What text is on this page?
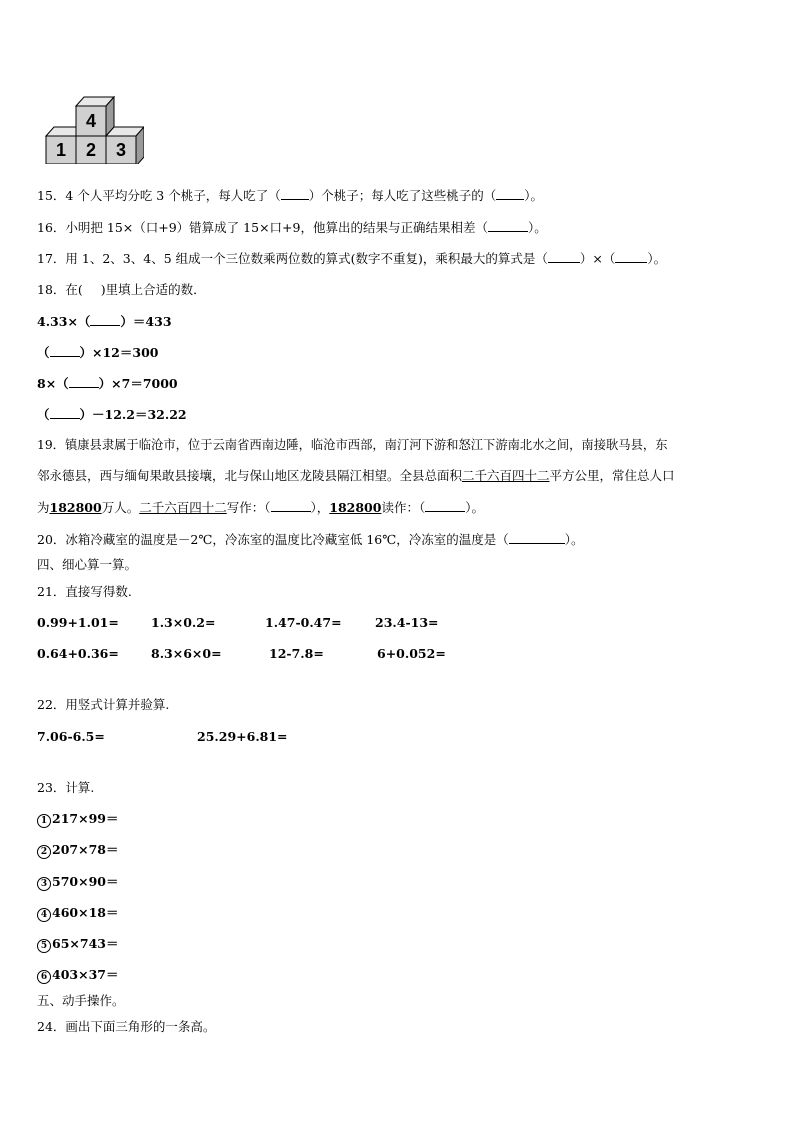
4
1 2 3
15．4 个人平均分吃 3 个桃子，每人吃了（ ）个桃子；每人吃了这些桃子的（ ）。
16．小明把 15×（口+9）错算成了 15×口+9，他算出的结果与正确结果相差（	）。
17．用 1、2、3、4、5 组成一个三位数乘两位数的算式(数字不重复)，乘积最大的算式是（	）×（	）。
18．在( )里填上合适的数．
4.33×（ ）＝433
（ ）×12＝300
8×（ ）×7＝7000
（ ）－12.2＝32.22
19．镇康县隶属于临沧市，位于云南省西南边陲，临沧市西部，南汀河下游和怒江下游南北水之间，南接耿马县，东
邻永德县，西与缅甸果敢县接壤，北与保山地区龙陵县隔江相望。全县总面积二千六百四十二平方公里，常住总人口
为182800万人。二千六百四十二写作：（	），182800读作：（	）。
20．冰箱冷藏室的温度是－2℃，冷冻室的温度比冷藏室低 16℃，冷冻室的温度是（	）。
四、细心算一算。
21．直接写得数.
0.99+1.01=	1.3×0.2=	1.47-0.47=	23.4-13=
0.64+0.36=	8.3×6×0=	12-7.8=	6+0.052=
22．用竖式计算并验算.
7.06-6.5=	25.29+6.81=
23．计算.
1 217×99＝
2 207×78＝
3 570×90＝
4 460×18＝
5 65×743＝
6 403×37＝
五、动手操作。
24．画出下面三角形的一条高。
